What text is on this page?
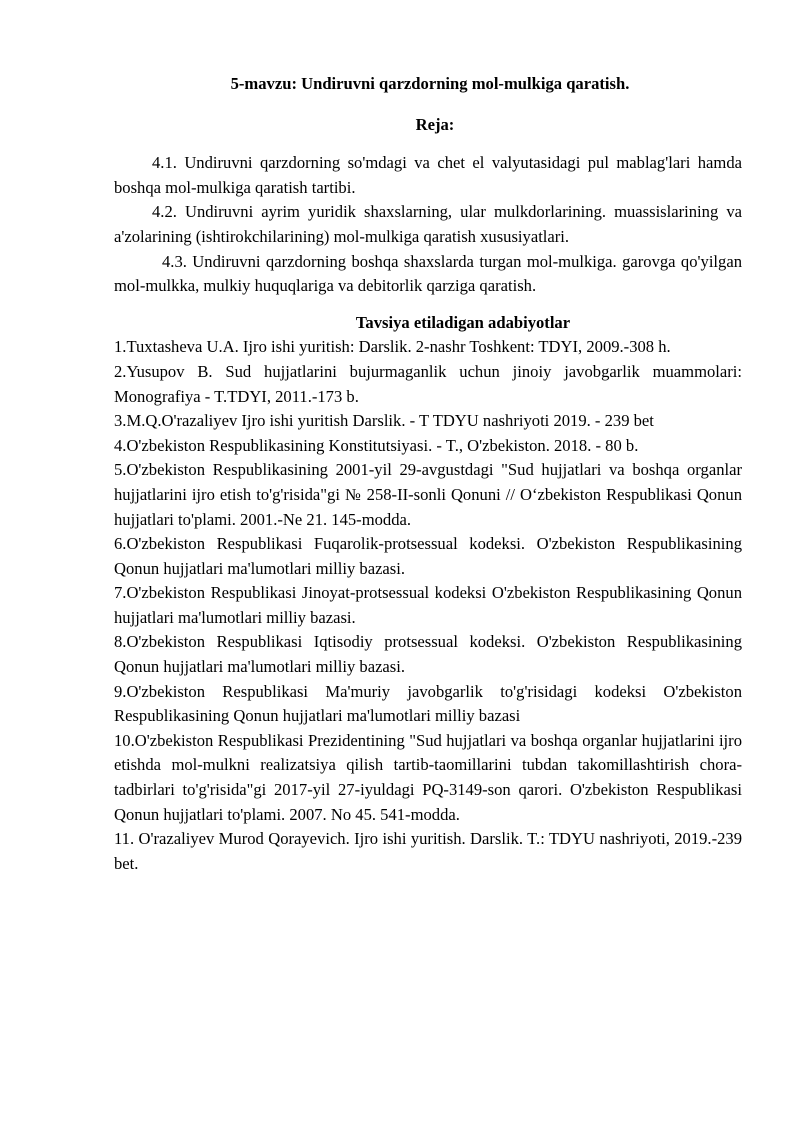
5-mavzu: Undiruvni qarzdorning mol-mulkiga qaratish.

Reja:

4.1. Undiruvni qarzdorning so'mdagi va chet el valyutasidagi pul mablag'lari hamda boshqa mol-mulkiga qaratish tartibi.

4.2. Undiruvni ayrim yuridik shaxslarning, ular mulkdorlarining. muassislarining va a'zolarining (ishtirokchilarining) mol-mulkiga qaratish xususiyatlari.

4.3. Undiruvni qarzdorning boshqa shaxslarda turgan mol-mulkiga. garovga qo'yilgan mol-mulkka, mulkiy huquqlariga va debitorlik qarziga qaratish.

Tavsiya etiladigan adabiyotlar

1.Tuxtasheva U.A. Ijro ishi yuritish: Darslik. 2-nashr Toshkent: TDYI, 2009.-308 h.

2.Yusupov B. Sud hujjatlarini bujurmaganlik uchun jinoiy javobgarlik muammolari: Monografiya - T.TDYI, 2011.-173 b.

3.M.Q.O'razaliyev Ijro ishi yuritish Darslik. - T TDYU nashriyoti 2019. - 239 bet

4.O'zbekiston Respublikasining Konstitutsiyasi. - T., O'zbekiston. 2018. - 80 b.

5.O'zbekiston Respublikasining 2001-yil 29-avgustdagi "Sud hujjatlari va boshqa organlar hujjatlarini ijro etish to'g'risida"gi № 258-II-sonli Qonuni // O‘zbekiston Respublikasi Qonun hujjatlari to'plami. 2001.-Ne 21. 145-modda.

6.O'zbekiston Respublikasi Fuqarolik-protsessual kodeksi. O'zbekiston Respublikasining Qonun hujjatlari ma'lumotlari milliy bazasi.

7.O'zbekiston Respublikasi Jinoyat-protsessual kodeksi O'zbekiston Respublikasining Qonun hujjatlari ma'lumotlari milliy bazasi.

8.O'zbekiston Respublikasi Iqtisodiy protsessual kodeksi. O'zbekiston Respublikasining Qonun hujjatlari ma'lumotlari milliy bazasi.

9.O'zbekiston Respublikasi Ma'muriy javobgarlik to'g'risidagi kodeksi O'zbekiston Respublikasining Qonun hujjatlari ma'lumotlari milliy bazasi

10.O'zbekiston Respublikasi Prezidentining "Sud hujjatlari va boshqa organlar hujjatlarini ijro etishda mol-mulkni realizatsiya qilish tartib-taomillarini tubdan takomillashtirish chora-tadbirlari to'g'risida"gi 2017-yil 27-iyuldagi PQ-3149-son qarori. O'zbekiston Respublikasi Qonun hujjatlari to'plami. 2007. No 45. 541-modda.

11. O'razaliyev Murod Qorayevich. Ijro ishi yuritish. Darslik. T.: TDYU nashriyoti, 2019.-239 bet.
